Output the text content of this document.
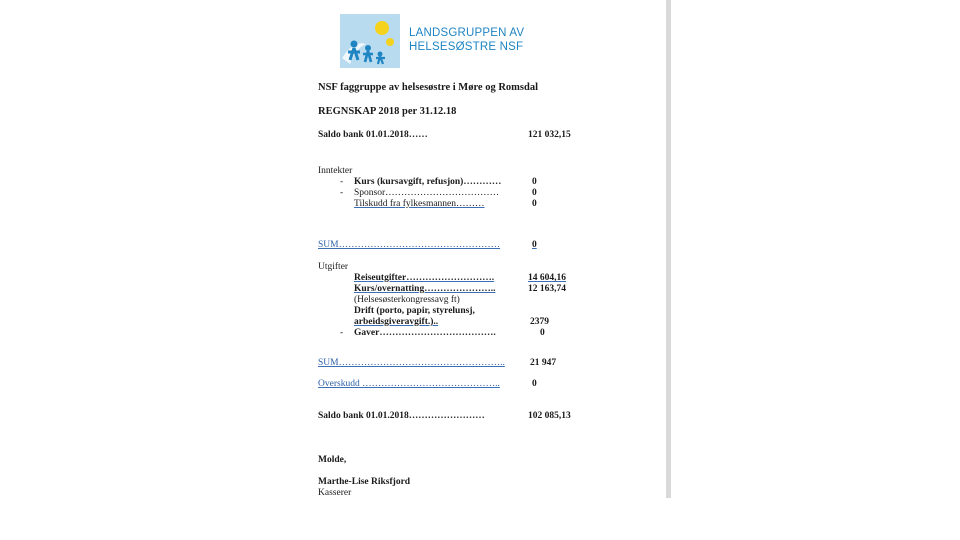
LANDSGRUPPEN AV
HELSESØSTRE NSF
NSF faggruppe av helsesøstre i Møre og Romsdal
REGNSKAP 2018 per 31.12.18
Saldo bank 01.01.2018……	121 032,15
Inntekter
- Kurs (kursavgift, refusjon)…………	0
- Sponsor………………………………	0
Tilskudd fra fylkesmannen………	0
SUM……………………………………………	0
Utgifter
Reiseutgifter……………………….	14 604,16
Kurs/overnatting…………………..	12 163,74
(Helsesøsterkongressavg ft)
Drift (porto, papir, styrelunsj,
arbeidsgiveravgift.)..	2379
- Gaver……………………………….	0
SUM……………………………………………..	21 947
Overskudd ……………………………………..	0
Saldo bank 01.01.2018……………………	102 085,13
Molde,
Marthe-Lise Riksfjord
Kasserer
